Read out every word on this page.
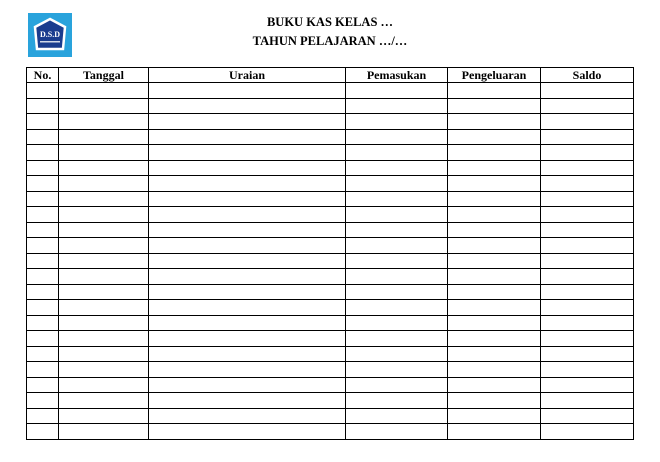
D.S.D
BUKU KAS KELAS …
TAHUN PELAJARAN …/…
No.	Tanggal	Uraian	Pemasukan	Pengeluaran	Saldo
